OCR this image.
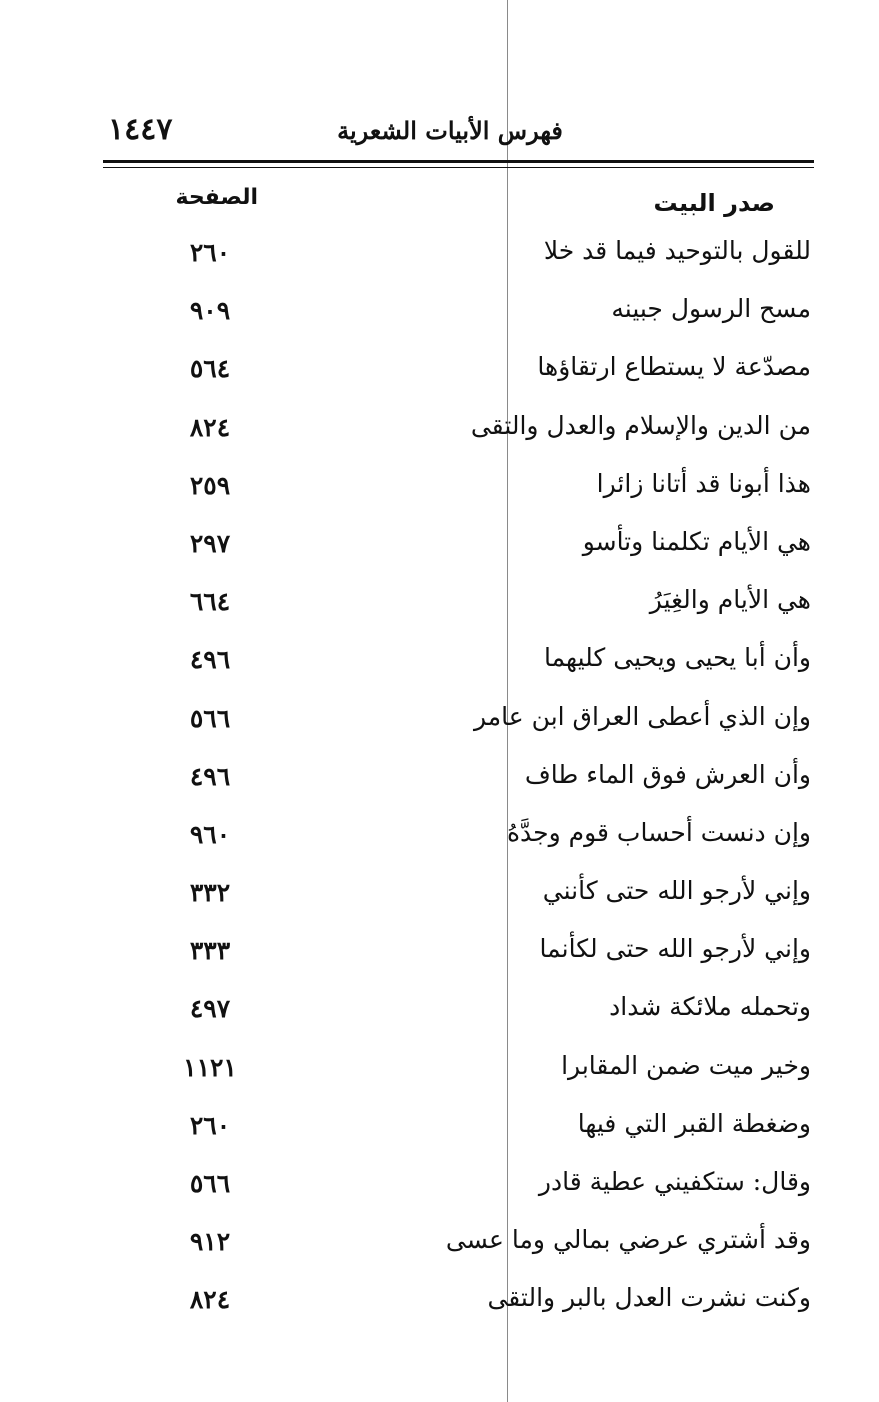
١٤٤٧	فهرس الأبيات الشعرية
صدر البيت
الصفحة
للقول بالتوحيد فيما قد خلا
٢٦٠
مسح الرسول جبينه
٩٠٩
مصدّعة لا يستطاع ارتقاؤها
٥٦٤
من الدين والإسلام والعدل والتقى
٨٢٤
هذا أبونا قد أتانا زائرا
٢٥٩
هي الأيام تكلمنا وتأسو
٢٩٧
هي الأيام والغِيَرُ
٦٦٤
وأن أبا يحيى ويحيى كليهما
٤٩٦
وإن الذي أعطى العراق ابن عامر
٥٦٦
وأن العرش فوق الماء طاف
٤٩٦
وإن دنست أحساب قوم وجدَّهُ
٩٦٠
وإني لأرجو الله حتى كأنني
٣٣٢
وإني لأرجو الله حتى لكأنما
٣٣٣
وتحمله ملائكة شداد
٤٩٧
وخير ميت ضمن المقابرا
١١٢١
وضغطة القبر التي فيها
٢٦٠
وقال: ستكفيني عطية قادر
٥٦٦
وقد أشتري عرضي بمالي وما عسى
٩١٢
وكنت نشرت العدل بالبر والتقى
٨٢٤
